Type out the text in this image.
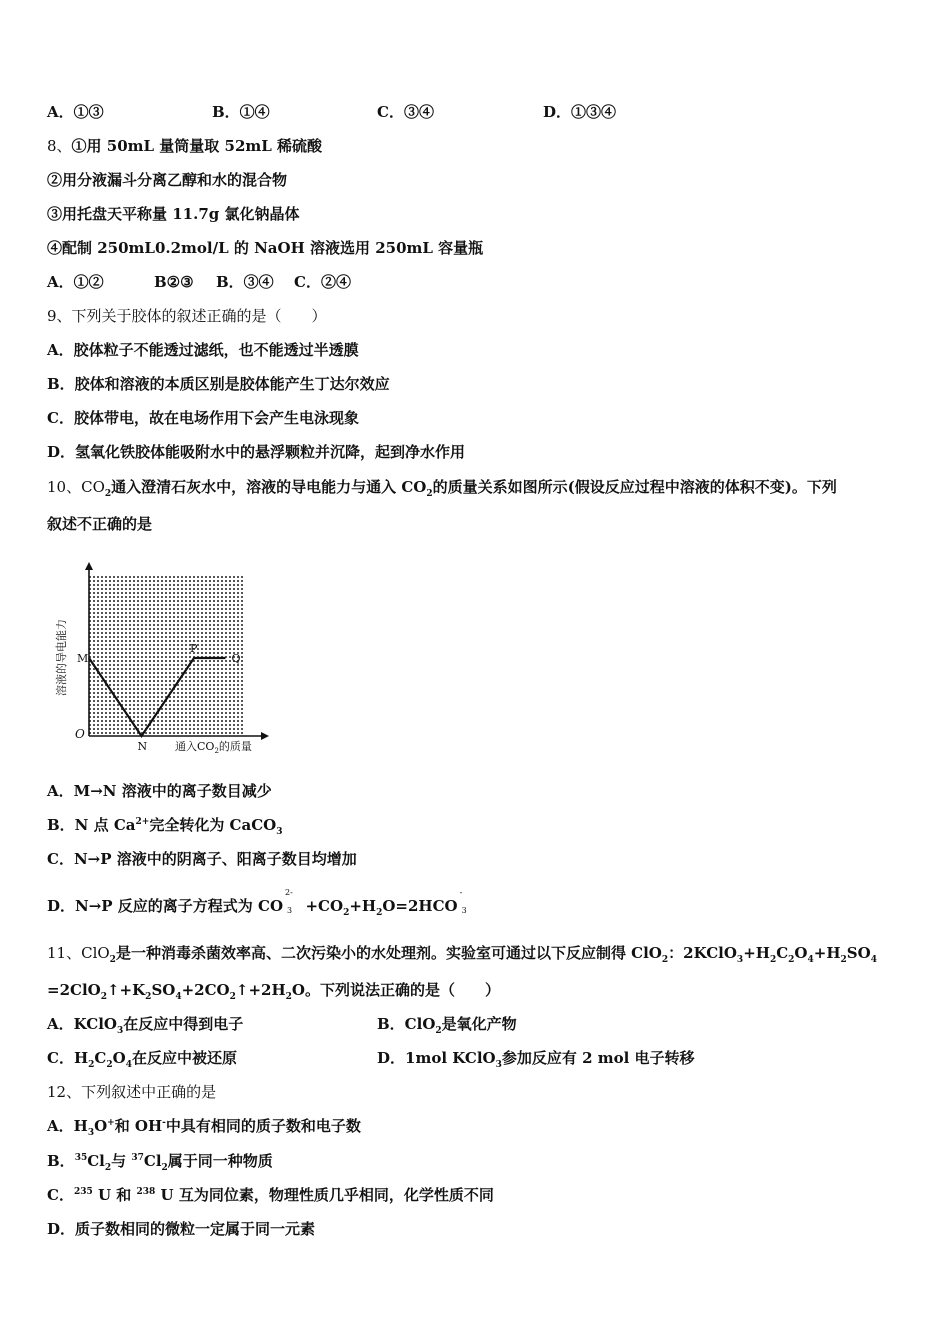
A．①③	B．①④	C．③④	D．①③④
8、①用 50mL 量筒量取 52mL 稀硫酸
②用分液漏斗分离乙醇和水的混合物
③用托盘天平称量 11.7g 氯化钠晶体
④配制 250mL0.2mol/L 的 NaOH 溶液选用 250mL 容量瓶
A．①②	B②③ B．③④ C．②④
9、下列关于胶体的叙述正确的是（　　）
A．胶体粒子不能透过滤纸，也不能透过半透膜
B．胶体和溶液的本质区别是胶体能产生丁达尔效应
C．胶体带电，故在电场作用下会产生电泳现象
D．氢氧化铁胶体能吸附水中的悬浮颗粒并沉降，起到净水作用
10、$CO_2$通入澄清石灰水中，溶液的导电能力与通入 $CO_2$的质量关系如图所示(假设反应过程中溶液的体积不变)。下列
叙述不正确的是
M
N
P
Q
O
溶液的导电能力
通入$CO_2$的质量
A．M→N 溶液中的离子数目减少
B．N 点 $Ca^{2+}$完全转化为 CaCO$_3$
C．N→P 溶液中的阴离子、阳离子数目均增加
D．N→P 反应的离子方程式为 CO
2-
$3 +CO_2+H_2O=2HCO$
-
3
11、ClO$_2$是一种消毒杀菌效率高、二次污染小的水处理剂。实验室可通过以下反应制得 ClO$_2$：$2KClO_3+H_2C_2O_4+H_2SO_4$
$=2ClO_2↑+K_2SO_4+2CO_2↑+2H_2O$。下列说法正确的是（　　）
A．KClO$_3$在反应中得到电子	B．ClO$_2$是氧化产物
C．$H_2C_2O_4$在反应中被还原	D．1mol KClO$_3$参加反应有 2 mol 电子转移
12、下列叙述中正确的是
A．$H_3O^+$和 OH-中具有相同的质子数和电子数
B．$^{35}Cl_2$与 $^{37}Cl_2$属于同一种物质
C．$^{235}$ U 和 $^{238}$ U 互为同位素，物理性质几乎相同，化学性质不同
D．质子数相同的微粒一定属于同一元素
